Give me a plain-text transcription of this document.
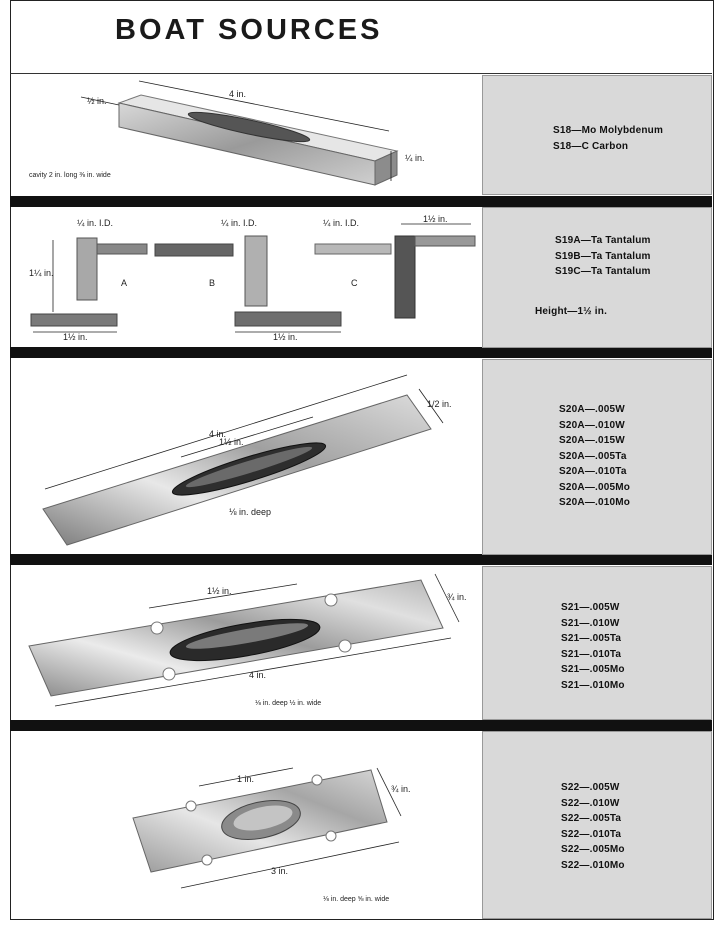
BOAT SOURCES
½ in.
4 in.
¼ in.
cavity 2 in. long ⅜ in. wide
S18—Mo Molybdenum
S18—C Carbon
¼ in. I.D.	¼ in. I.D.	¼ in. I.D.
1¼ in.
1½ in.	1½ in.
1½ in.
A	B	C
S19A—Ta Tantalum
S19B—Ta Tantalum
S19C—Ta Tantalum
Height—1½ in.
4 in.
1½ in.
1/2 in.
⅛ in. deep
S20A—.005W
S20A—.010W
S20A—.015W
S20A—.005Ta
S20A—.010Ta
S20A—.005Mo
S20A—.010Mo
1½ in.
¾ in.
4 in.
⅛ in. deep ½ in. wide
S21—.005W
S21—.010W
S21—.005Ta
S21—.010Ta
S21—.005Mo
S21—.010Mo
1 in.
¾ in.
3 in.
⅛ in. deep ⅝ in. wide
S22—.005W
S22—.010W
S22—.005Ta
S22—.010Ta
S22—.005Mo
S22—.010Mo
